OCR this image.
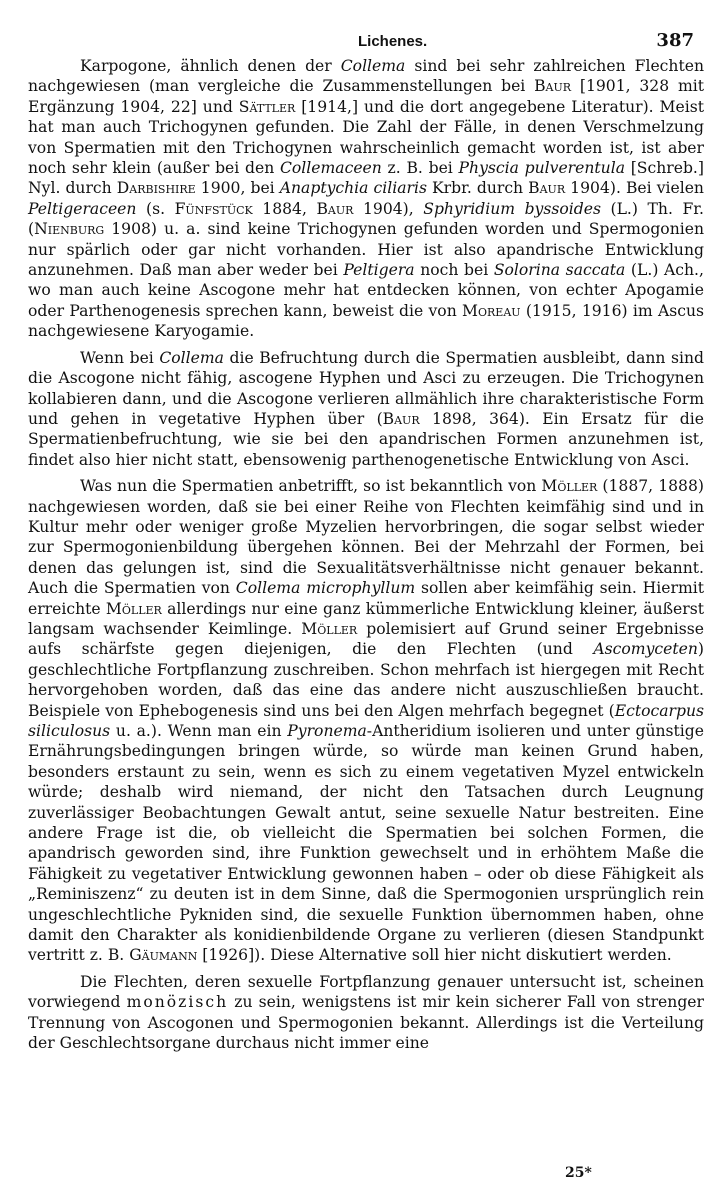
Lichenes.	387

Karpogone, ähnlich denen der Collema sind bei sehr zahlreichen Flechten nachgewiesen (man vergleiche die Zusammenstellungen bei Baur [1901, 328 mit Ergänzung 1904, 22] und Sättler [1914,] und die dort angegebene Literatur). Meist hat man auch Trichogynen gefunden. Die Zahl der Fälle, in denen Verschmelzung von Spermatien mit den Trichogynen wahrscheinlich gemacht worden ist, ist aber noch sehr klein (außer bei den Collemaceen z. B. bei Physcia pulverentula [Schreb.] Nyl. durch Darbishire 1900, bei Anaptychia ciliaris Krbr. durch Baur 1904). Bei vielen Peltigeraceen (s. Fünfstück 1884, Baur 1904), Sphyridium byssoides (L.) Th. Fr. (Nienburg 1908) u. a. sind keine Trichogynen gefunden worden und Spermogonien nur spärlich oder gar nicht vorhanden. Hier ist also apandrische Entwicklung anzunehmen. Daß man aber weder bei Peltigera noch bei Solorina saccata (L.) Ach., wo man auch keine Ascogone mehr hat entdecken können, von echter Apogamie oder Parthenogenesis sprechen kann, beweist die von Moreau (1915, 1916) im Ascus nachgewiesene Karyogamie.

Wenn bei Collema die Befruchtung durch die Spermatien ausbleibt, dann sind die Ascogone nicht fähig, ascogene Hyphen und Asci zu erzeugen. Die Trichogynen kollabieren dann, und die Ascogone verlieren allmählich ihre charakteristische Form und gehen in vegetative Hyphen über (Baur 1898, 364). Ein Ersatz für die Spermatienbefruchtung, wie sie bei den apandrischen Formen anzunehmen ist, findet also hier nicht statt, ebensowenig parthenogenetische Entwicklung von Asci.

Was nun die Spermatien anbetrifft, so ist bekanntlich von Möller (1887, 1888) nachgewiesen worden, daß sie bei einer Reihe von Flechten keimfähig sind und in Kultur mehr oder weniger große Myzelien hervorbringen, die sogar selbst wieder zur Spermogonienbildung übergehen können. Bei der Mehrzahl der Formen, bei denen das gelungen ist, sind die Sexualitätsverhältnisse nicht genauer bekannt. Auch die Spermatien von Collema microphyllum sollen aber keimfähig sein. Hiermit erreichte Möller allerdings nur eine ganz kümmerliche Entwicklung kleiner, äußerst langsam wachsender Keimlinge. Möller polemisiert auf Grund seiner Ergebnisse aufs schärfste gegen diejenigen, die den Flechten (und Ascomyceten) geschlechtliche Fortpflanzung zuschreiben. Schon mehrfach ist hiergegen mit Recht hervorgehoben worden, daß das eine das andere nicht auszuschließen braucht. Beispiele von Ephebogenesis sind uns bei den Algen mehrfach begegnet (Ectocarpus siliculosus u. a.). Wenn man ein Pyronema-Antheridium isolieren und unter günstige Ernährungsbedingungen bringen würde, so würde man keinen Grund haben, besonders erstaunt zu sein, wenn es sich zu einem vegetativen Myzel entwickeln würde; deshalb wird niemand, der nicht den Tatsachen durch Leugnung zuverlässiger Beobachtungen Gewalt antut, seine sexuelle Natur bestreiten. Eine andere Frage ist die, ob vielleicht die Spermatien bei solchen Formen, die apandrisch geworden sind, ihre Funktion gewechselt und in erhöhtem Maße die Fähigkeit zu vegetativer Entwicklung gewonnen haben – oder ob diese Fähigkeit als „Reminiszenz“ zu deuten ist in dem Sinne, daß die Spermogonien ursprünglich rein ungeschlechtliche Pykniden sind, die sexuelle Funktion übernommen haben, ohne damit den Charakter als konidienbildende Organe zu verlieren (diesen Standpunkt vertritt z. B. Gäumann [1926]). Diese Alternative soll hier nicht diskutiert werden.

Die Flechten, deren sexuelle Fortpflanzung genauer untersucht ist, scheinen vorwiegend monözisch zu sein, wenigstens ist mir kein sicherer Fall von strenger Trennung von Ascogonen und Spermogonien bekannt. Allerdings ist die Verteilung der Geschlechtsorgane durchaus nicht immer eine

25*
